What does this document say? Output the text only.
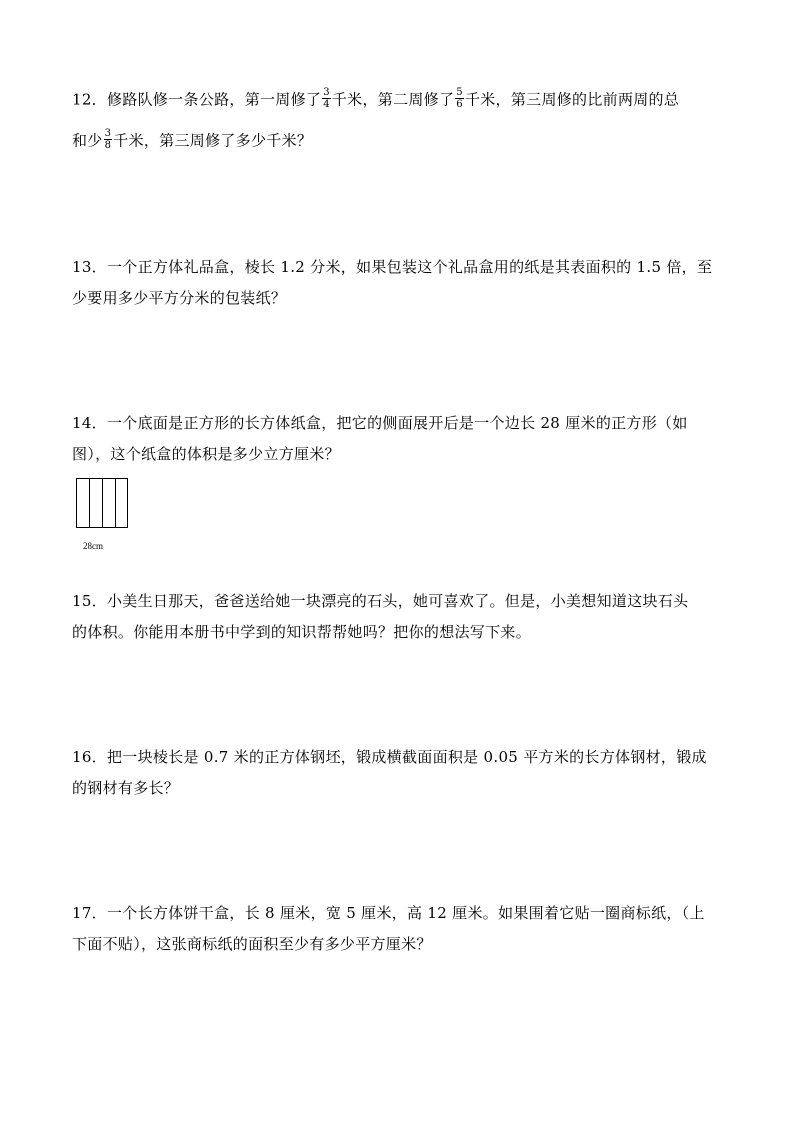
12．修路队修一条公路，第一周修了 $\frac{3}{4}$ 千米，第二周修了 $\frac{5}{6}$ 千米，第三周修的比前两周的总
和少 $\frac{3}{8}$ 千米，第三周修了多少千米？
13．一个正方体礼品盒，棱长 1.2 分米，如果包装这个礼品盒用的纸是其表面积的 1.5 倍，至
少要用多少平方分米的包装纸？
14．一个底面是正方形的长方体纸盒，把它的侧面展开后是一个边长 28 厘米的正方形（如
图），这个纸盒的体积是多少立方厘米？
28cm
15．小美生日那天，爸爸送给她一块漂亮的石头，她可喜欢了。但是，小美想知道这块石头
的体积。你能用本册书中学到的知识帮帮她吗？把你的想法写下来。
16．把一块棱长是 0.7 米的正方体钢坯，锻成横截面面积是 0.05 平方米的长方体钢材，锻成
的钢材有多长？
17．一个长方体饼干盒，长 8 厘米，宽 5 厘米，高 12 厘米。如果围着它贴一圈商标纸，（上
下面不贴），这张商标纸的面积至少有多少平方厘米？
